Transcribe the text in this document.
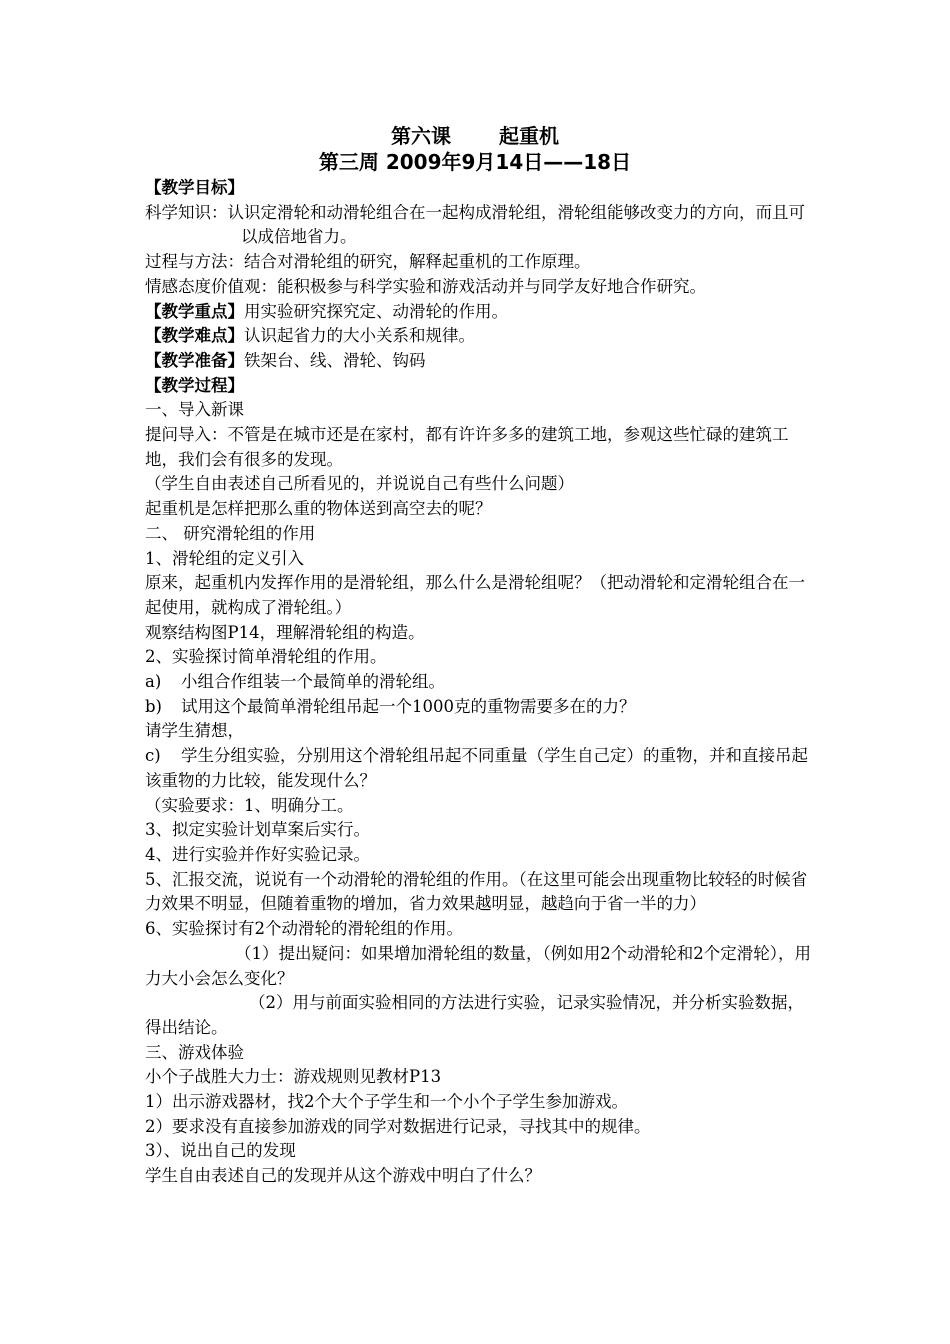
第六课 起重机
第三周 2009年9月14日——18日

【教学目标】

科学知识：认识定滑轮和动滑轮组合在一起构成滑轮组，滑轮组能够改变力的方向，而且可以成倍地省力。

过程与方法：结合对滑轮组的研究，解释起重机的工作原理。

情感态度价值观：能积极参与科学实验和游戏活动并与同学友好地合作研究。

【教学重点】用实验研究探究定、动滑轮的作用。

【教学难点】认识起省力的大小关系和规律。

【教学准备】铁架台、线、滑轮、钩码

【教学过程】

一、导入新课

提问导入：不管是在城市还是在家村，都有许许多多的建筑工地，参观这些忙碌的建筑工地，我们会有很多的发现。

（学生自由表述自己所看见的，并说说自己有些什么问题）

起重机是怎样把那么重的物体送到高空去的呢？

二、 研究滑轮组的作用

1、滑轮组的定义引入

原来，起重机内发挥作用的是滑轮组，那么什么是滑轮组呢？（把动滑轮和定滑轮组合在一起使用，就构成了滑轮组。）

观察结构图P14，理解滑轮组的构造。

2、实验探讨简单滑轮组的作用。

a) 小组合作组装一个最简单的滑轮组。

b) 试用这个最简单滑轮组吊起一个1000克的重物需要多在的力？

请学生猜想，

c) 学生分组实验，分别用这个滑轮组吊起不同重量（学生自己定）的重物，并和直接吊起该重物的力比较，能发现什么？

（实验要求：1、明确分工。

3、拟定实验计划草案后实行。

4、进行实验并作好实验记录。

5、汇报交流，说说有一个动滑轮的滑轮组的作用。（在这里可能会出现重物比较轻的时候省力效果不明显，但随着重物的增加，省力效果越明显，越趋向于省一半的力）

6、实验探讨有2个动滑轮的滑轮组的作用。

（1）提出疑问：如果增加滑轮组的数量，（例如用2个动滑轮和2个定滑轮），用力大小会怎么变化？

（2）用与前面实验相同的方法进行实验，记录实验情况，并分析实验数据，得出结论。

三、游戏体验

小个子战胜大力士：游戏规则见教材P13

1）出示游戏器材，找2个大个子学生和一个小个子学生参加游戏。

2）要求没有直接参加游戏的同学对数据进行记录，寻找其中的规律。

3）、说出自己的发现

学生自由表述自己的发现并从这个游戏中明白了什么？
